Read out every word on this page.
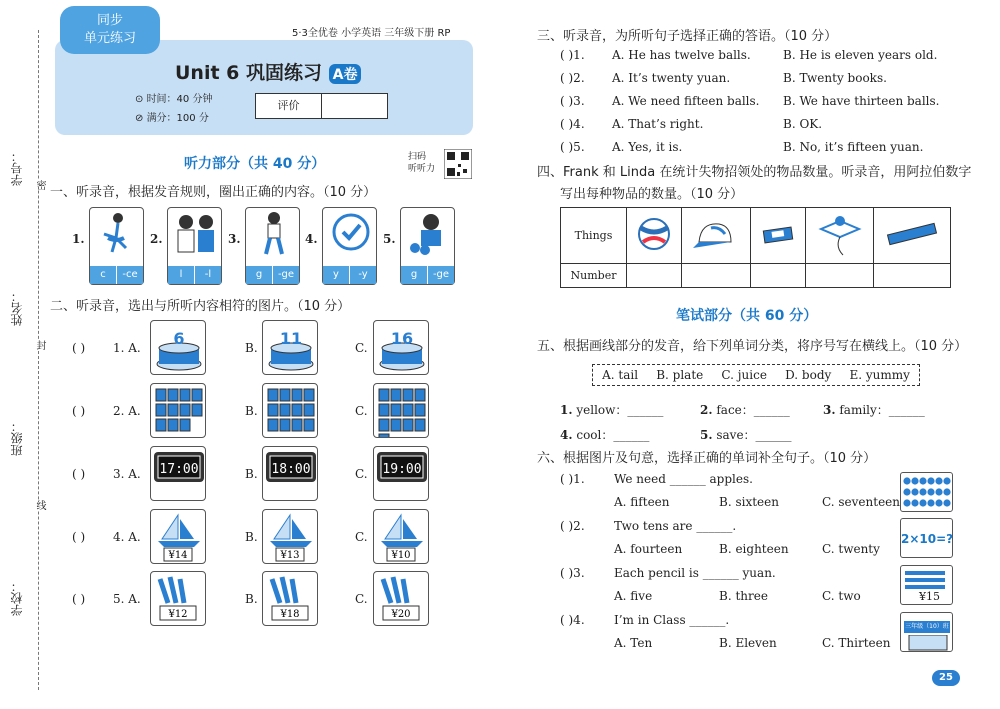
学号：
姓名：
班级：
学校：
密
封
线
同步
单元练习	5·3全优卷 小学英语 三年级下册 RP
Unit 6 巩固练习 A卷
⊙ 时间：40 分钟
⊘ 满分：100 分
评价
听力部分（共 40 分）	扫码
听听力
一、听录音，根据发音规则，圈出正确的内容。（10 分）
1.
c	-ce
2.
l	-l
3.
g	-ge
4.
y	-y
5.
g	-ge
二、听录音，选出与所听内容相符的图片。（10 分）
( ) 1. A.	B.	C.
6	11	16
( ) 2. A.	B.	C.
( ) 3. A.	B.	C.
17:00	18:00	19:00
( ) 4. A.	B.	C.
¥14	¥13	¥10
( ) 5. A.	B.	C.
¥12	¥18	¥20
三、听录音，为所听句子选择正确的答语。（10 分）
( )1. A. He has twelve balls.	B. He is eleven years old.
( )2. A. It’s twenty yuan.	B. Twenty books.
( )3. A. We need fifteen balls. B. We have thirteen balls.
( )4. A. That’s right.	B. OK.
( )5. A. Yes, it is.	B. No, it’s fifteen yuan.
四、Frank 和 Linda 在统计失物招领处的物品数量。听录音，用阿拉伯数字
写出每种物品的数量。（10 分）
Things					
Number					
笔试部分（共 60 分）
五、根据画线部分的发音，给下列单词分类，将序号写在横线上。（10 分）
A. tail B. plate C. juice D. body E. yummy
1. yellow：______	2. face：______	3. family：______
4. cool：______	5. save：______
六、根据图片及句意，选择正确的单词补全句子。（10 分）
( )1. We need ______ apples.
A. fifteen	B. sixteen	C. seventeen
( )2. Two tens are ______.
A. fourteen	B. eighteen	C. twenty
( )3. Each pencil is ______ yuan.
A. five	B. three	C. two
( )4. I’m in Class ______.
A. Ten	B. Eleven	C. Thirteen
2×10=?
¥15
三年级（10）班
25
